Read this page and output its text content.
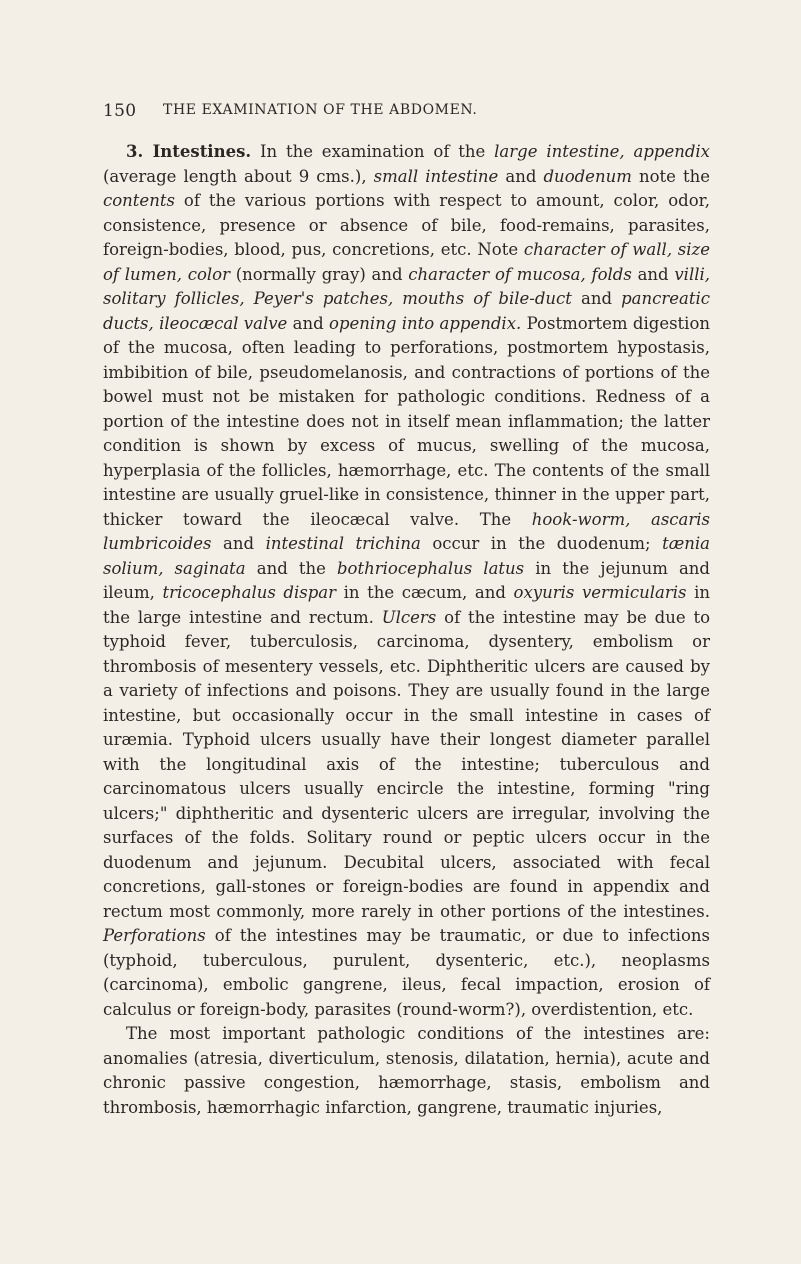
150 THE EXAMINATION OF THE ABDOMEN.

3. Intestines. In the examination of the large intestine, appendix (average length about 9 cms.), small intestine and duodenum note the contents of the various portions with respect to amount, color, odor, consistence, presence or absence of bile, food-remains, parasites, foreign-bodies, blood, pus, concretions, etc. Note character of wall, size of lumen, color (normally gray) and character of mucosa, folds and villi, solitary follicles, Peyer's patches, mouths of bile-duct and pancreatic ducts, ileocæcal valve and opening into appendix. Postmortem digestion of the mucosa, often leading to perforations, postmortem hypostasis, imbibition of bile, pseudomelanosis, and contractions of portions of the bowel must not be mistaken for pathologic conditions. Redness of a portion of the intestine does not in itself mean inflammation; the latter condition is shown by excess of mucus, swelling of the mucosa, hyperplasia of the follicles, hæmorrhage, etc. The contents of the small intestine are usually gruel-like in consistence, thinner in the upper part, thicker toward the ileocæcal valve. The hook-worm, ascaris lumbricoides and intestinal trichina occur in the duodenum; tænia solium, saginata and the bothriocephalus latus in the jejunum and ileum, tricocephalus dispar in the cæcum, and oxyuris vermicularis in the large intestine and rectum. Ulcers of the intestine may be due to typhoid fever, tuberculosis, carcinoma, dysentery, embolism or thrombosis of mesentery vessels, etc. Diphtheritic ulcers are caused by a variety of infections and poisons. They are usually found in the large intestine, but occasionally occur in the small intestine in cases of uræmia. Typhoid ulcers usually have their longest diameter parallel with the longitudinal axis of the intestine; tuberculous and carcinomatous ulcers usually encircle the intestine, forming "ring ulcers;" diphtheritic and dysenteric ulcers are irregular, involving the surfaces of the folds. Solitary round or peptic ulcers occur in the duodenum and jejunum. Decubital ulcers, associated with fecal concretions, gall-stones or foreign-bodies are found in appendix and rectum most commonly, more rarely in other portions of the intestines. Perforations of the intestines may be traumatic, or due to infections (typhoid, tuberculous, purulent, dysenteric, etc.), neoplasms (carcinoma), embolic gangrene, ileus, fecal impaction, erosion of calculus or foreign-body, parasites (round-worm?), overdistention, etc.

The most important pathologic conditions of the intestines are: anomalies (atresia, diverticulum, stenosis, dilatation, hernia), acute and chronic passive congestion, hæmorrhage, stasis, embolism and thrombosis, hæmorrhagic infarction, gangrene, traumatic injuries,
